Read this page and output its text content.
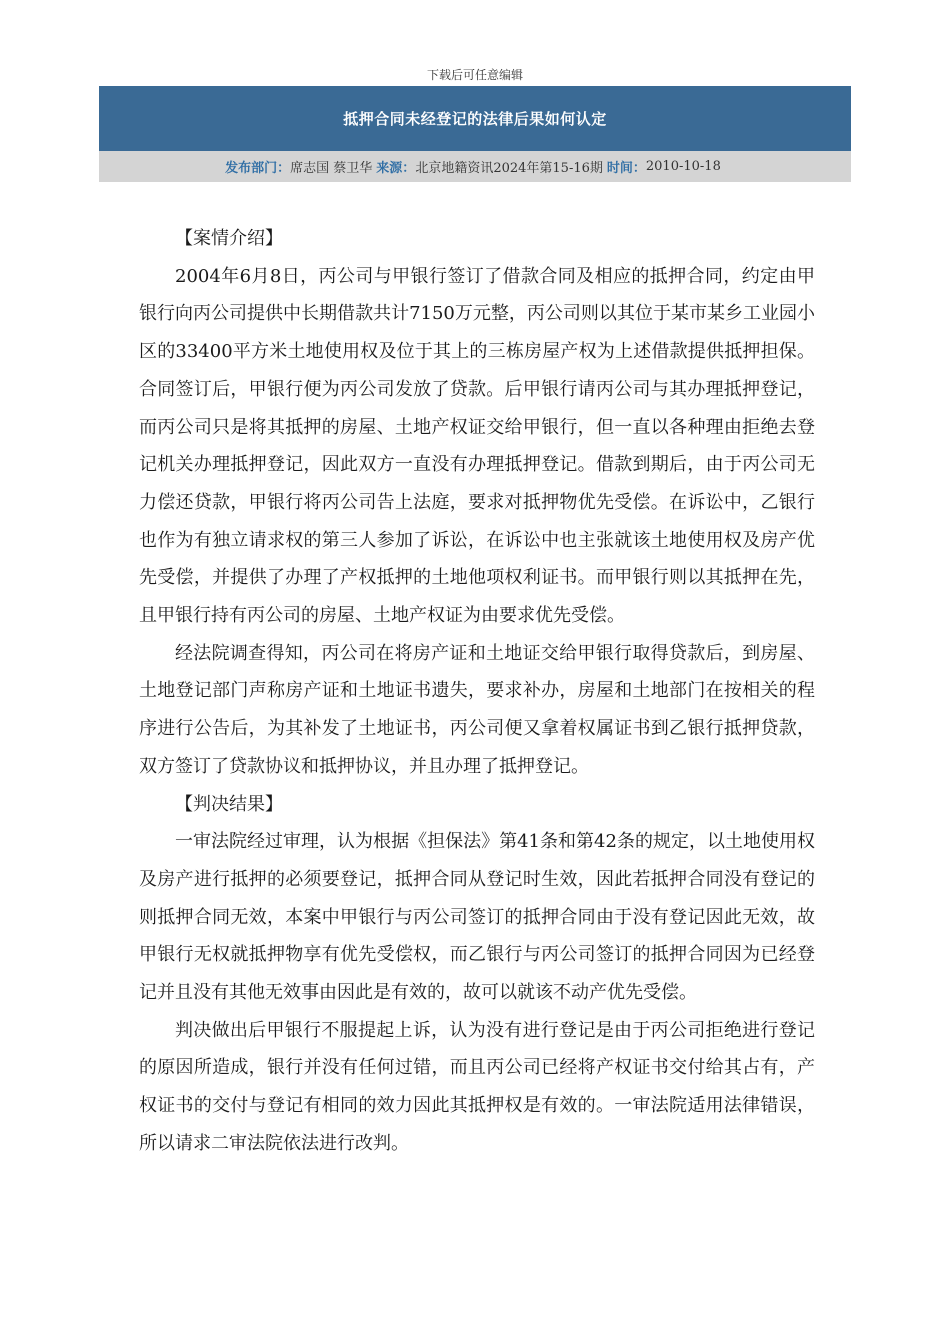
下载后可任意编辑
抵押合同未经登记的法律后果如何认定
发布部门： 席志国 蔡卫华 来源： 北京地籍资讯2024年第15-16期 时间： 2010-10-18

【案情介绍】

2004年6月8日，丙公司与甲银行签订了借款合同及相应的抵押合同，约定由甲银行向丙公司提供中长期借款共计7150万元整，丙公司则以其位于某市某乡工业园小区的33400平方米土地使用权及位于其上的三栋房屋产权为上述借款提供抵押担保。合同签订后，甲银行便为丙公司发放了贷款。后甲银行请丙公司与其办理抵押登记，而丙公司只是将其抵押的房屋、土地产权证交给甲银行，但一直以各种理由拒绝去登记机关办理抵押登记，因此双方一直没有办理抵押登记。借款到期后，由于丙公司无力偿还贷款，甲银行将丙公司告上法庭，要求对抵押物优先受偿。在诉讼中，乙银行也作为有独立请求权的第三人参加了诉讼，在诉讼中也主张就该土地使用权及房产优先受偿，并提供了办理了产权抵押的土地他项权利证书。而甲银行则以其抵押在先，且甲银行持有丙公司的房屋、土地产权证为由要求优先受偿。

经法院调查得知，丙公司在将房产证和土地证交给甲银行取得贷款后，到房屋、土地登记部门声称房产证和土地证书遗失，要求补办，房屋和土地部门在按相关的程序进行公告后，为其补发了土地证书，丙公司便又拿着权属证书到乙银行抵押贷款，双方签订了贷款协议和抵押协议，并且办理了抵押登记。

【判决结果】

一审法院经过审理，认为根据《担保法》第41条和第42条的规定，以土地使用权及房产进行抵押的必须要登记，抵押合同从登记时生效，因此若抵押合同没有登记的则抵押合同无效，本案中甲银行与丙公司签订的抵押合同由于没有登记因此无效，故甲银行无权就抵押物享有优先受偿权，而乙银行与丙公司签订的抵押合同因为已经登记并且没有其他无效事由因此是有效的，故可以就该不动产优先受偿。

判决做出后甲银行不服提起上诉，认为没有进行登记是由于丙公司拒绝进行登记的原因所造成，银行并没有任何过错，而且丙公司已经将产权证书交付给其占有，产权证书的交付与登记有相同的效力因此其抵押权是有效的。一审法院适用法律错误，所以请求二审法院依法进行改判。
